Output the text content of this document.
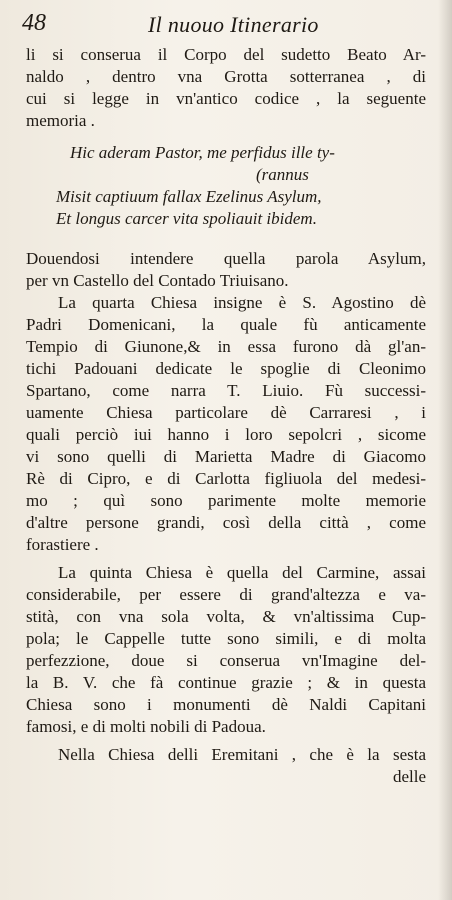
48	Il nuouo Itinerario
li si conserua il Corpo del sudetto Beato Ar-
naldo , dentro vna Grotta sotterranea , di
cui si legge in vn'antico codice , la seguente
memoria .
Hic aderam Pastor, me perfidus ille ty-
(rannus
Misit captiuum fallax Ezelinus Asylum,
Et longus carcer vita spoliauit ibidem.
Douendosi intendere quella parola Asylum,
per vn Castello del Contado Triuisano.
La quarta Chiesa insigne è S. Agostino dè
Padri Domenicani, la quale fù anticamente
Tempio di Giunone,& in essa furono dà gl'an-
tichi Padouani dedicate le spoglie di Cleonimo
Spartano, come narra T. Liuio. Fù successi-
uamente Chiesa particolare dè Carraresi , i
quali perciò iui hanno i loro sepolcri , sicome
vi sono quelli di Marietta Madre di Giacomo
Rè di Cipro, e di Carlotta figliuola del medesi-
mo ; quì sono parimente molte memorie
d'altre persone grandi, così della città , come
forastiere .
La quinta Chiesa è quella del Carmine, assai
considerabile, per essere di grand'altezza e va-
stità, con vna sola volta, & vn'altissima Cup-
pola; le Cappelle tutte sono simili, e di molta
perfezzione, doue si conserua vn'Imagine del-
la B. V. che fà continue grazie ; & in questa
Chiesa sono i monumenti dè Naldi Capitani
famosi, e di molti nobili di Padoua.
Nella Chiesa delli Eremitani , che è la sesta
delle
